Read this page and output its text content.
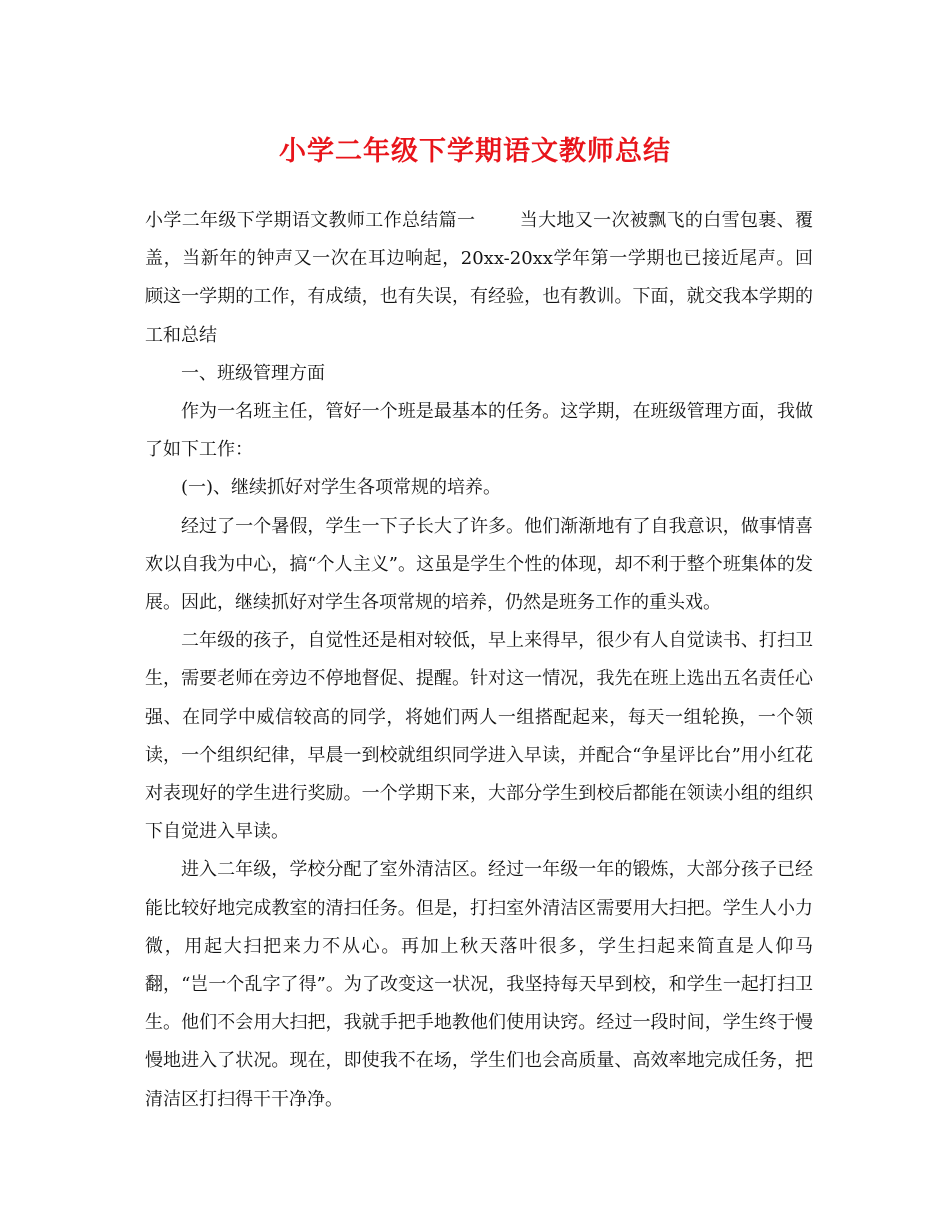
小学二年级下学期语文教师总结

小学二年级下学期语文教师工作总结篇一 当大地又一次被飘飞的白雪包裹、覆盖，当新年的钟声又一次在耳边响起，20xx-20xx学年第一学期也已接近尾声。回顾这一学期的工作，有成绩，也有失误，有经验，也有教训。下面，就交我本学期的工和总结

一、班级管理方面

作为一名班主任，管好一个班是最基本的任务。这学期，在班级管理方面，我做了如下工作：

(一)、继续抓好对学生各项常规的培养。

经过了一个暑假，学生一下子长大了许多。他们渐渐地有了自我意识，做事情喜欢以自我为中心，搞“个人主义”。这虽是学生个性的体现，却不利于整个班集体的发展。因此，继续抓好对学生各项常规的培养，仍然是班务工作的重头戏。

二年级的孩子，自觉性还是相对较低，早上来得早，很少有人自觉读书、打扫卫生，需要老师在旁边不停地督促、提醒。针对这一情况，我先在班上选出五名责任心强、在同学中威信较高的同学，将她们两人一组搭配起来，每天一组轮换，一个领读，一个组织纪律，早晨一到校就组织同学进入早读，并配合“争星评比台”用小红花对表现好的学生进行奖励。一个学期下来，大部分学生到校后都能在领读小组的组织下自觉进入早读。

进入二年级，学校分配了室外清洁区。经过一年级一年的锻炼，大部分孩子已经能比较好地完成教室的清扫任务。但是，打扫室外清洁区需要用大扫把。学生人小力微，用起大扫把来力不从心。再加上秋天落叶很多，学生扫起来简直是人仰马翻，“岂一个乱字了得”。为了改变这一状况，我坚持每天早到校，和学生一起打扫卫生。他们不会用大扫把，我就手把手地教他们使用诀窍。经过一段时间，学生终于慢慢地进入了状况。现在，即使我不在场，学生们也会高质量、高效率地完成任务，把清洁区打扫得干干净净。
